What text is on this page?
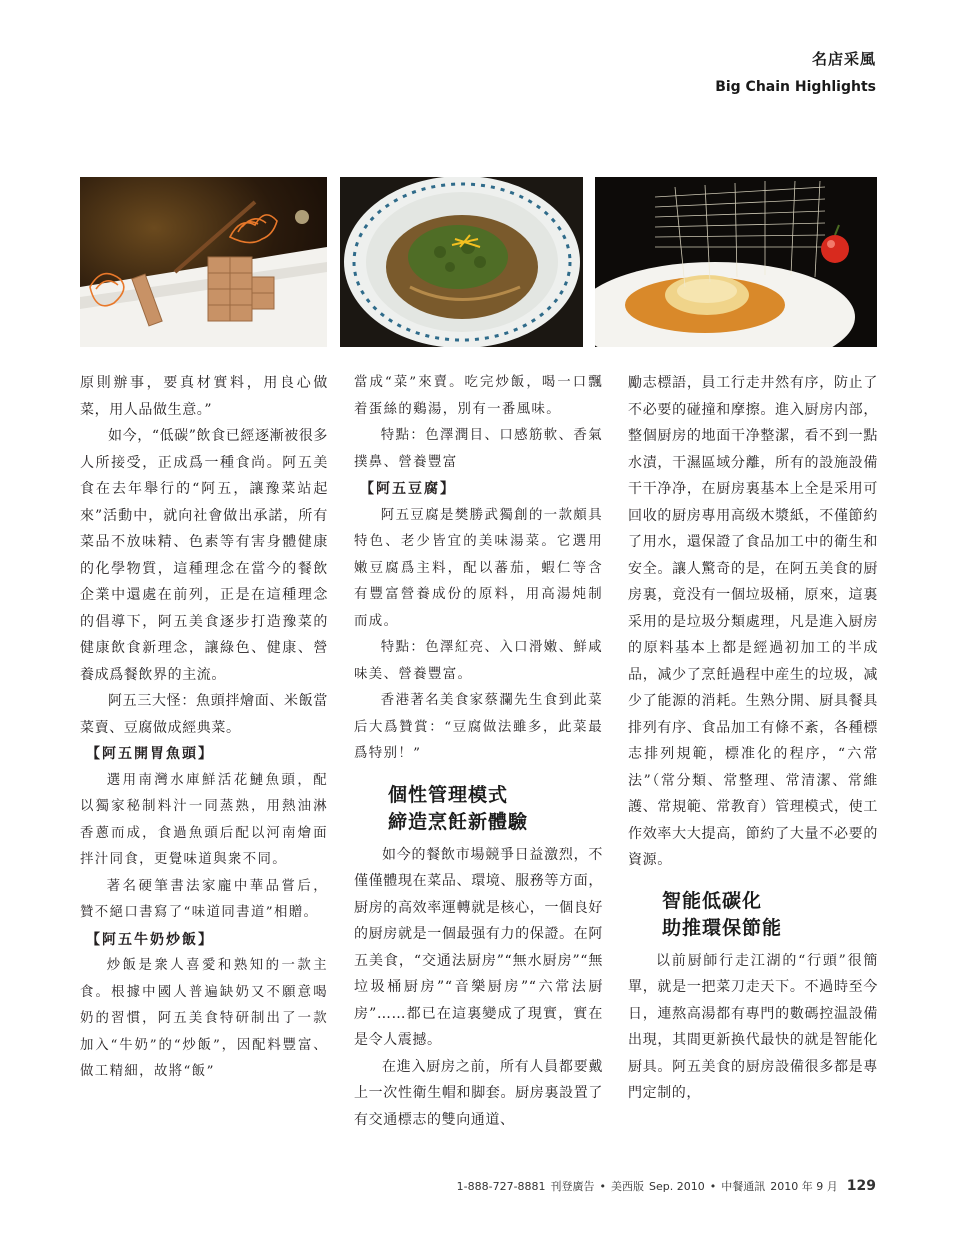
名店采風
Big Chain Highlights

原則辦事，要真材實料，用良心做菜，用人品做生意。”

如今，“低碳”飲食已經逐漸被很多人所接受，正成爲一種食尚。阿五美食在去年舉行的“阿五，讓豫菜站起來”活動中，就向社會做出承諾，所有菜品不放味精、色素等有害身體健康的化學物質，這種理念在當今的餐飲企業中還處在前列，正是在這種理念的倡導下，阿五美食逐步打造豫菜的健康飲食新理念，讓綠色、健康、營養成爲餐飲界的主流。

阿五三大怪：魚頭拌燴面、米飯當菜賣、豆腐做成經典菜。

【阿五開胃魚頭】

選用南灣水庫鮮活花鰱魚頭，配以獨家秘制料汁一同蒸熟，用熱油淋香蔥而成，食過魚頭后配以河南燴面拌汁同食，更覺味道與衆不同。

著名硬筆書法家龐中華品嘗后，贊不絕口書寫了“味道同書道”相贈。

【阿五牛奶炒飯】

炒飯是衆人喜愛和熟知的一款主食。根據中國人普遍缺奶又不願意喝奶的習慣，阿五美食特研制出了一款加入“牛奶”的“炒飯”，因配料豐富、做工精細，故將“飯”

當成“菜”來賣。吃完炒飯，喝一口飄着蛋絲的鷄湯，別有一番風味。

特點：色澤潤目、口感筋軟、香氣撲鼻、營養豐富

【阿五豆腐】

阿五豆腐是樊勝武獨創的一款頗具特色、老少皆宜的美味湯菜。它選用嫩豆腐爲主料，配以蕃茄，蝦仁等含有豐富營養成份的原料，用高湯炖制而成。

特點：色澤紅亮、入口滑嫩、鮮咸味美、營養豐富。

香港著名美食家蔡瀾先生食到此菜后大爲贊賞：“豆腐做法雖多，此菜最爲特别！”

個性管理模式
締造烹飪新體驗

如今的餐飲市場競爭日益激烈，不僅僅體現在菜品、環境、服務等方面，厨房的高效率運轉就是核心，一個良好的厨房就是一個最强有力的保證。在阿五美食，“交通法厨房”“無水厨房”“無垃圾桶厨房”“音樂厨房”“六常法厨房”……都已在這裏變成了現實，實在是令人震撼。

在進入厨房之前，所有人員都要戴上一次性衛生帽和脚套。厨房裏設置了有交通標志的雙向通道、

勵志標語，員工行走井然有序，防止了不必要的碰撞和摩擦。進入厨房内部，整個厨房的地面干净整潔，看不到一點水漬，干濕區域分離，所有的設施設備干干净净，在厨房裏基本上全是采用可回收的厨房專用高级木漿紙，不僅節約了用水，還保證了食品加工中的衛生和安全。讓人驚奇的是，在阿五美食的厨房裏，竟没有一個垃圾桶，原來，這裏采用的是垃圾分類處理，凡是進入厨房的原料基本上都是經過初加工的半成品，减少了烹飪過程中産生的垃圾，减少了能源的消耗。生熟分開、厨具餐具排列有序、食品加工有條不紊，各種標志排列規範，標准化的程序，“六常法”（常分類、常整理、常清潔、常維護、常規範、常教育）管理模式，使工作效率大大提高，節約了大量不必要的資源。

智能低碳化
助推環保節能

以前厨師行走江湖的“行頭”很簡單，就是一把菜刀走天下。不過時至今日，連熬高湯都有專門的數碼控温設備出現，其間更新换代最快的就是智能化厨具。阿五美食的厨房設備很多都是專門定制的，

1-888-727-8881 刊登廣告 • 美西版 Sep. 2010 • 中餐通訊 2010 年 9 月 129
